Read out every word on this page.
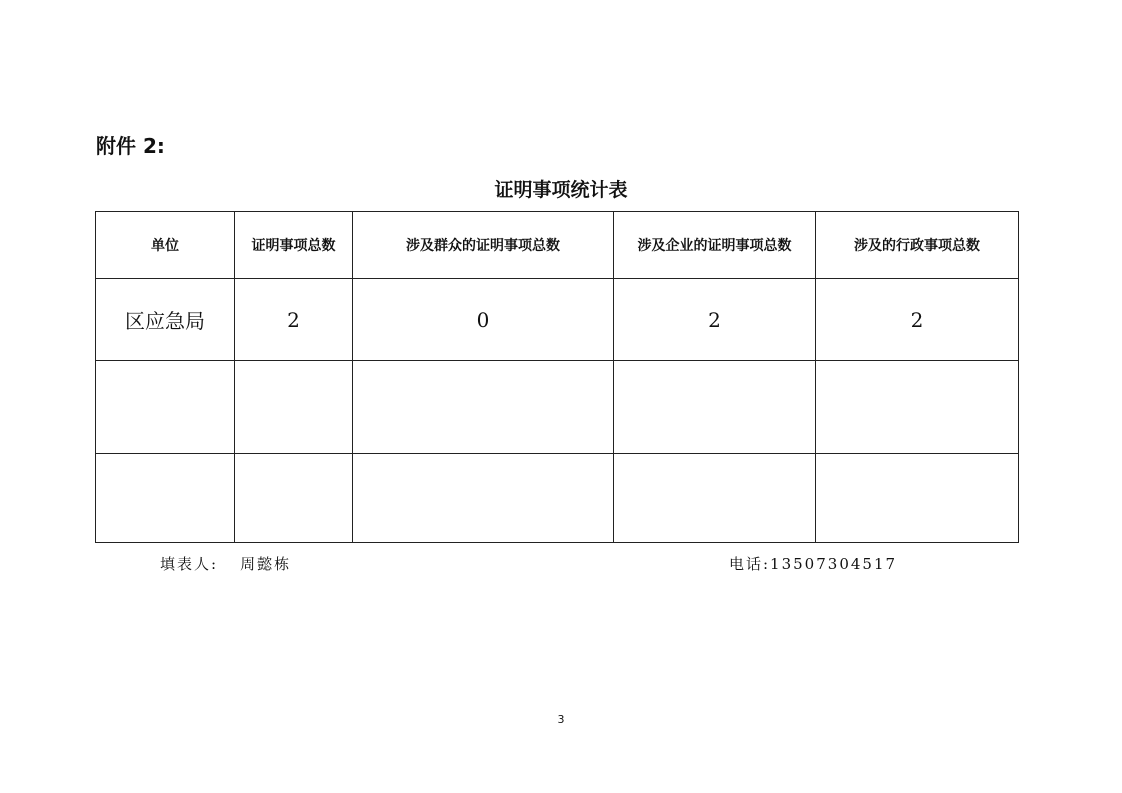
附件 2:
证明事项统计表
单位	证明事项总数	涉及群众的证明事项总数	涉及企业的证明事项总数	涉及的行政事项总数
区应急局	2	0	2	2

填表人: 周懿栋	电话:13507304517
3
